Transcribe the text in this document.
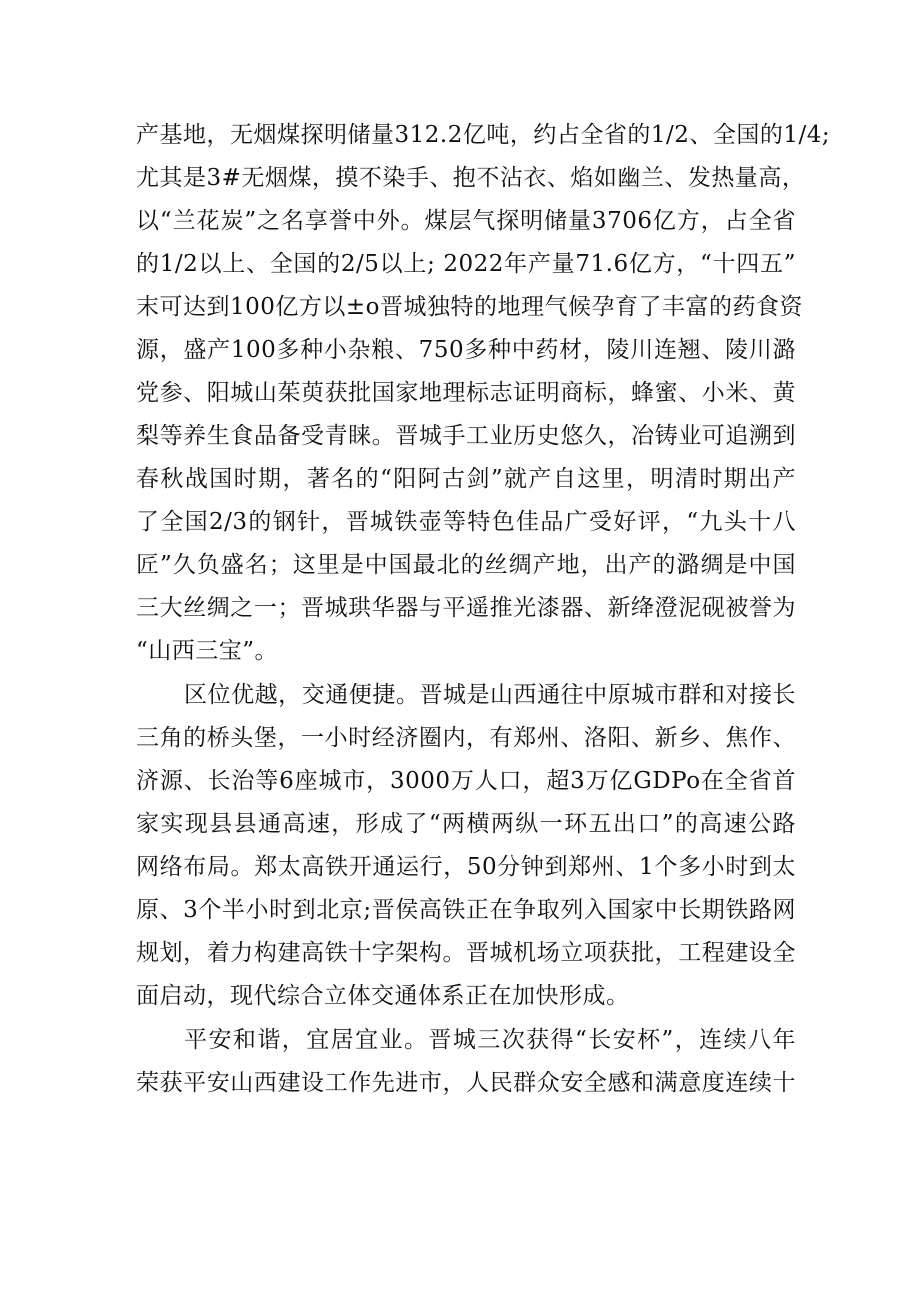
产基地，无烟煤探明储量312.2亿吨，约占全省的1/2、全国的1/4;
尤其是3#无烟煤，摸不染手、抱不沾衣、焰如幽兰、发热量高，
以“兰花炭”之名享誉中外。煤层气探明储量3706亿方，占全省
的1/2以上、全国的2/5以上; 2022年产量71.6亿方，“十四五”
末可达到100亿方以±o晋城独特的地理气候孕育了丰富的药食资
源，盛产100多种小杂粮、750多种中药材，陵川连翘、陵川潞
党参、阳城山茱萸获批国家地理标志证明商标，蜂蜜、小米、黄
梨等养生食品备受青睐。晋城手工业历史悠久，冶铸业可追溯到
春秋战国时期，著名的“阳阿古剑”就产自这里，明清时期出产
了全国2/3的钢针，晋城铁壶等特色佳品广受好评，“九头十八
匠”久负盛名；这里是中国最北的丝绸产地，出产的潞绸是中国
三大丝绸之一；晋城珙华器与平遥推光漆器、新绛澄泥砚被誉为
“山西三宝”。
区位优越，交通便捷。晋城是山西通往中原城市群和对接长
三角的桥头堡，一小时经济圈内，有郑州、洛阳、新乡、焦作、
济源、长治等6座城市，3000万人口，超3万亿GDPo在全省首
家实现县县通高速，形成了“两横两纵一环五出口”的高速公路
网络布局。郑太高铁开通运行，50分钟到郑州、1个多小时到太
原、3个半小时到北京;晋侯高铁正在争取列入国家中长期铁路网
规划，着力构建高铁十字架构。晋城机场立项获批，工程建设全
面启动，现代综合立体交通体系正在加快形成。
平安和谐，宜居宜业。晋城三次获得“长安杯”，连续八年
荣获平安山西建设工作先进市，人民群众安全感和满意度连续十
